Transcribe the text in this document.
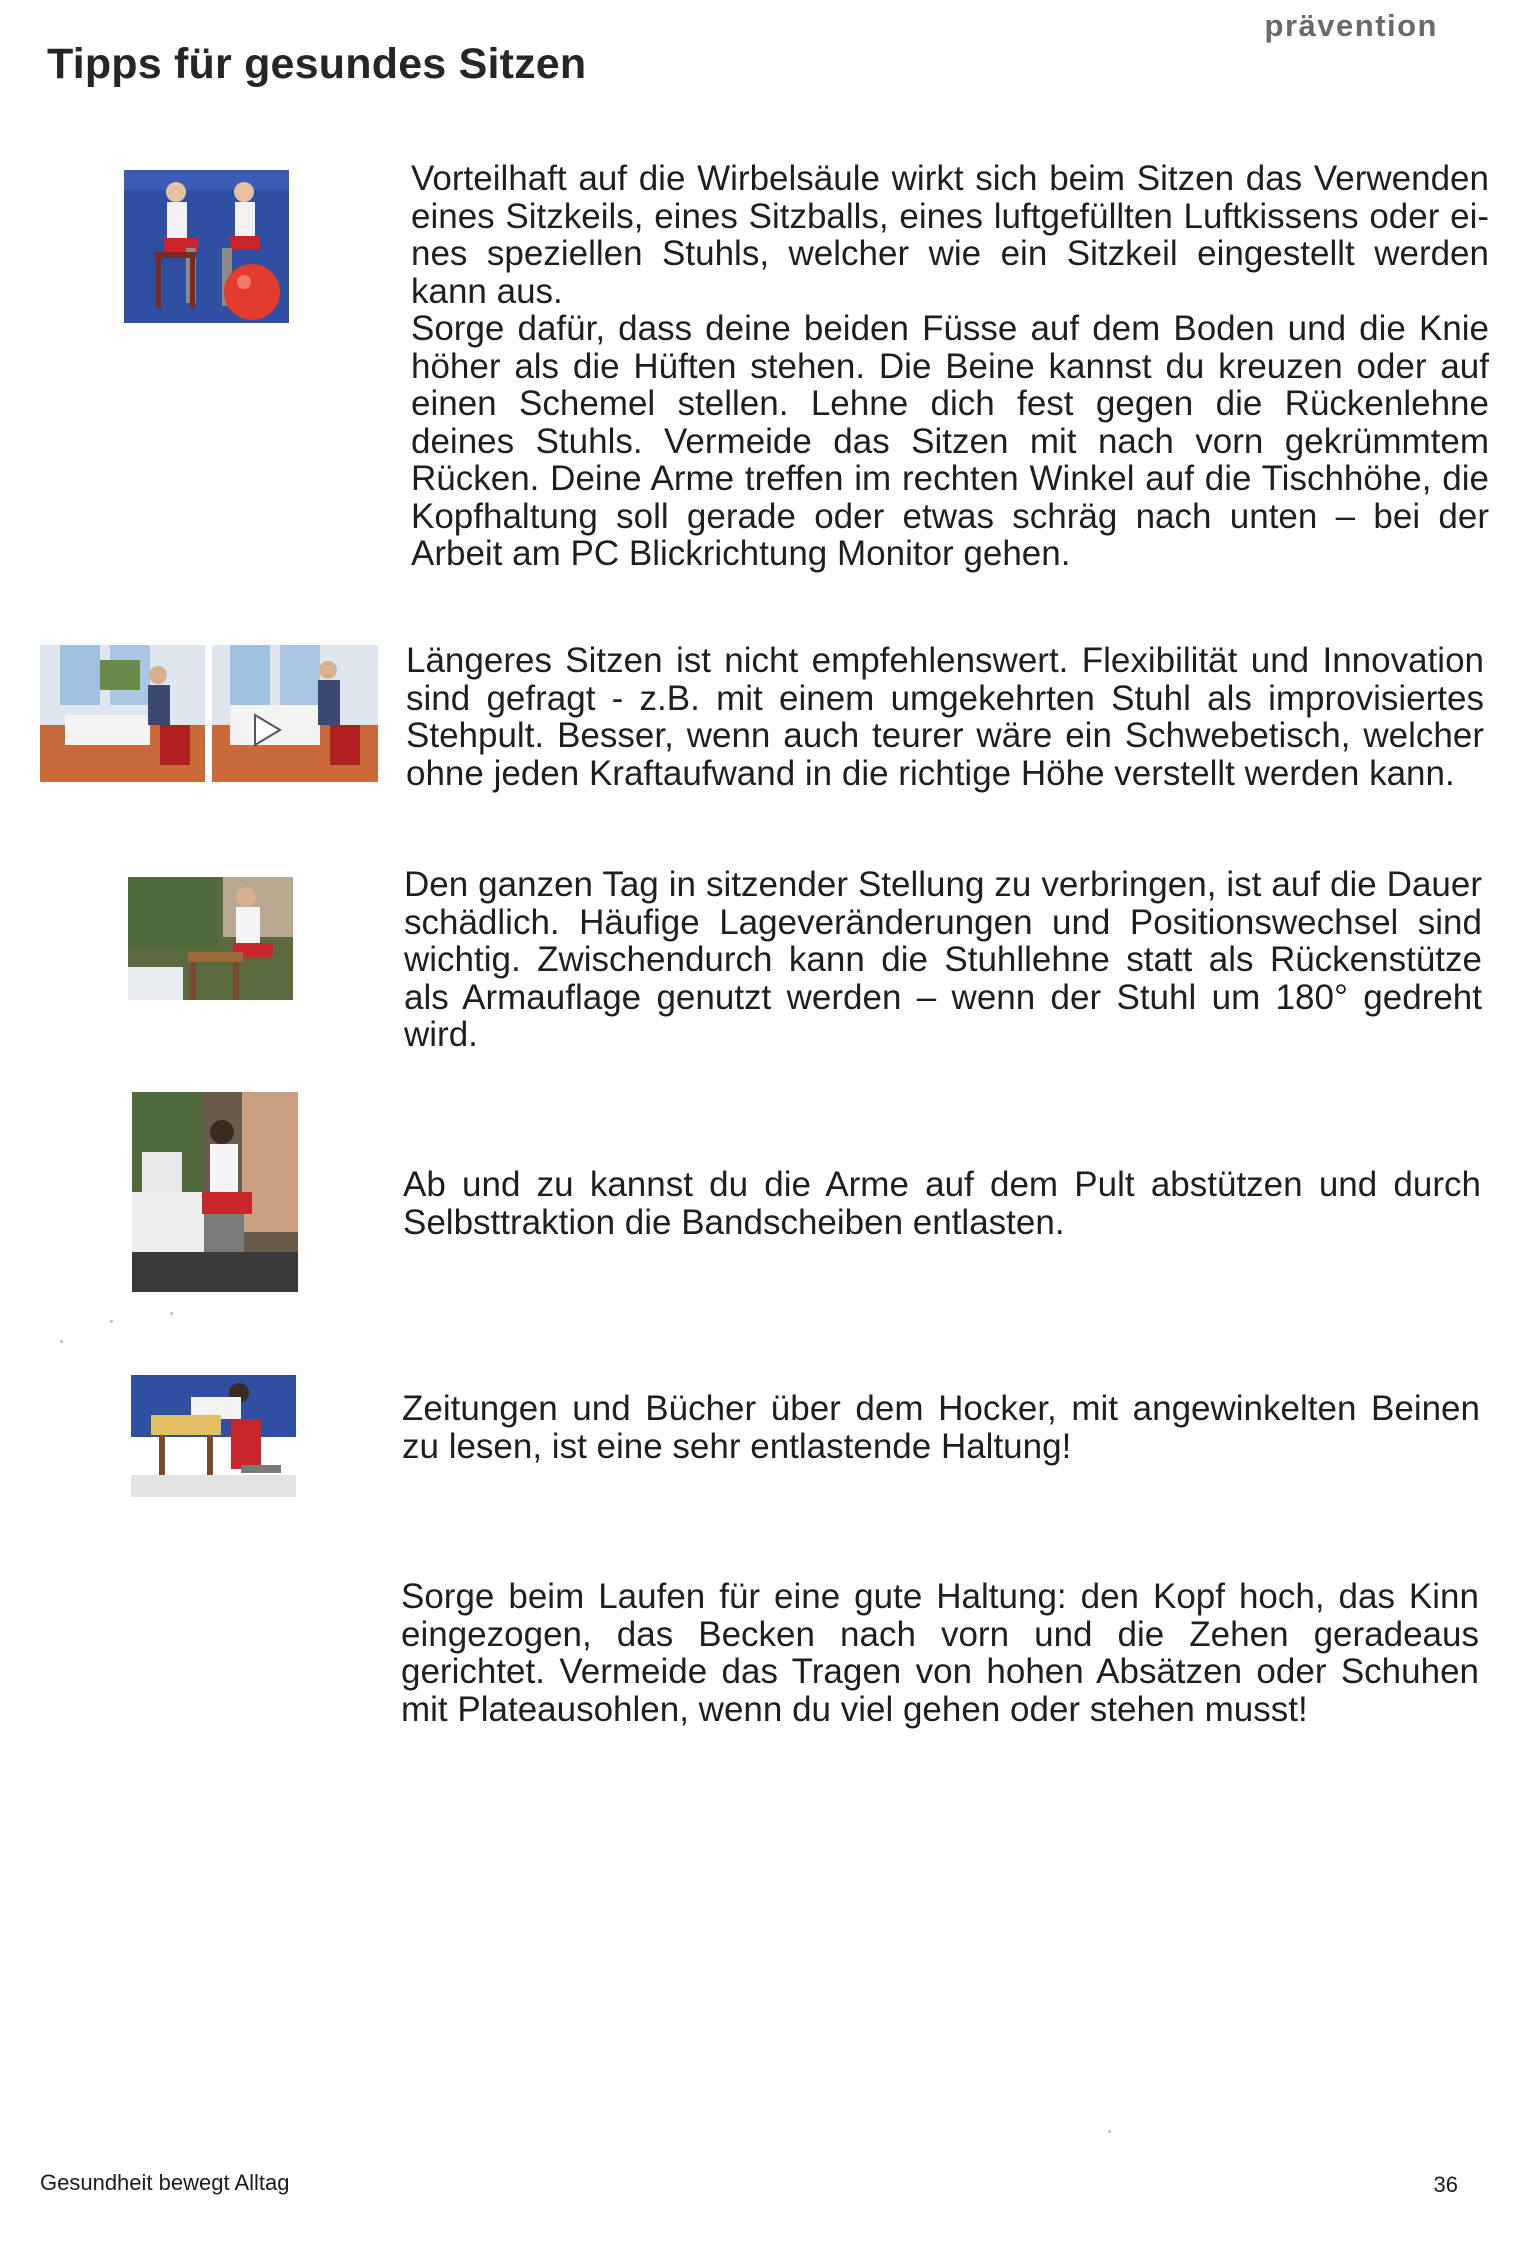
Tipps für gesundes Sitzen
prävention

Vorteilhaft auf die Wirbelsäule wirkt sich beim Sitzen das Verwenden eines Sitzkeils, eines Sitzballs, eines luftgefüllten Luftkissens oder ei-nes speziellen Stuhls, welcher wie ein Sitzkeil eingestellt werden kann aus.

Sorge dafür, dass deine beiden Füsse auf dem Boden und die Knie höher als die Hüften stehen. Die Beine kannst du kreuzen oder auf einen Schemel stellen. Lehne dich fest gegen die Rückenlehne deines Stuhls. Vermeide das Sitzen mit nach vorn gekrümmtem Rücken. Deine Arme treffen im rechten Winkel auf die Tischhöhe, die Kopfhaltung soll gerade oder etwas schräg nach unten – bei der Arbeit am PC Blickrichtung Monitor gehen.

Längeres Sitzen ist nicht empfehlenswert. Flexibilität und Innovation sind gefragt - z.B. mit einem umgekehrten Stuhl als improvisiertes Stehpult. Besser, wenn auch teurer wäre ein Schwebetisch, welcher ohne jeden Kraftaufwand in die richtige Höhe verstellt werden kann.

Den ganzen Tag in sitzender Stellung zu verbringen, ist auf die Dauer schädlich. Häufige Lageveränderungen und Positionswechsel sind wichtig. Zwischendurch kann die Stuhllehne statt als Rückenstütze als Armauflage genutzt werden – wenn der Stuhl um 180° gedreht wird.

Ab und zu kannst du die Arme auf dem Pult abstützen und durch Selbsttraktion die Bandscheiben entlasten.

Zeitungen und Bücher über dem Hocker, mit angewinkelten Beinen zu lesen, ist eine sehr entlastende Haltung!

Sorge beim Laufen für eine gute Haltung: den Kopf hoch, das Kinn eingezogen, das Becken nach vorn und die Zehen geradeaus gerichtet. Vermeide das Tragen von hohen Absätzen oder Schuhen mit Plateausohlen, wenn du viel gehen oder stehen musst!

Gesundheit bewegt Alltag	36
